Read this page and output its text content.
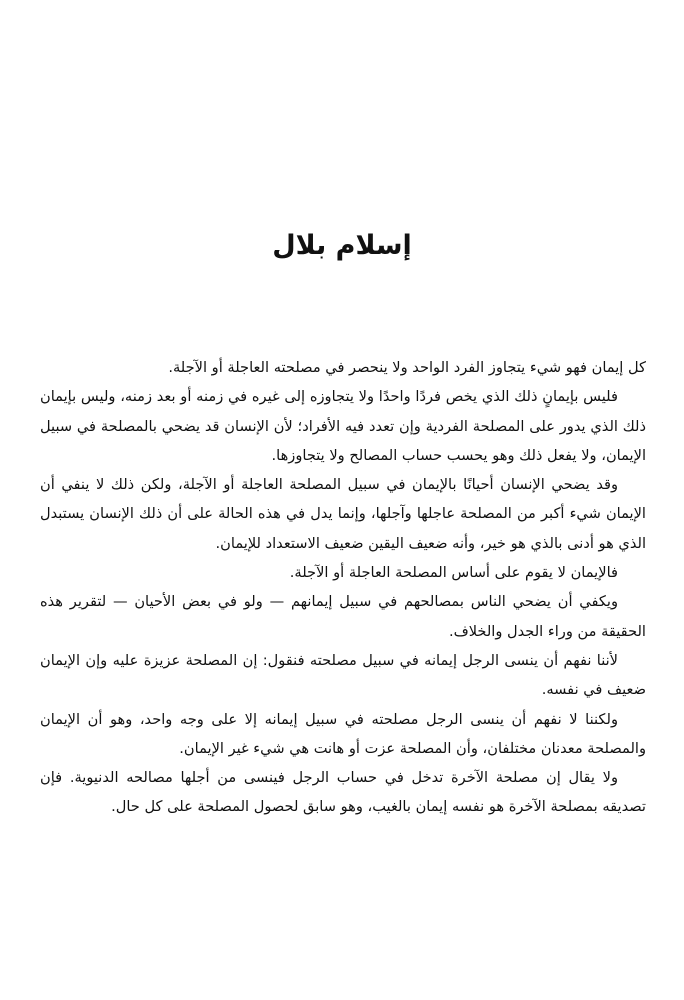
إسلام بلال

كل إيمان فهو شيء يتجاوز الفرد الواحد ولا ينحصر في مصلحته العاجلة أو الآجلة.

فليس بإيمانٍ ذلك الذي يخص فردًا واحدًا ولا يتجاوزه إلى غيره في زمنه أو بعد زمنه، وليس بإيمان ذلك الذي يدور على المصلحة الفردية وإن تعدد فيه الأفراد؛ لأن الإنسان قد يضحي بالمصلحة في سبيل الإيمان، ولا يفعل ذلك وهو يحسب حساب المصالح ولا يتجاوزها.

وقد يضحي الإنسان أحيانًا بالإيمان في سبيل المصلحة العاجلة أو الآجلة، ولكن ذلك لا ينفي أن الإيمان شيء أكبر من المصلحة عاجلها وآجلها، وإنما يدل في هذه الحالة على أن ذلك الإنسان يستبدل الذي هو أدنى بالذي هو خير، وأنه ضعيف اليقين ضعيف الاستعداد للإيمان.

فالإيمان لا يقوم على أساس المصلحة العاجلة أو الآجلة.

ويكفي أن يضحي الناس بمصالحهم في سبيل إيمانهم — ولو في بعض الأحيان — لتقرير هذه الحقيقة من وراء الجدل والخلاف.

لأننا نفهم أن ينسى الرجل إيمانه في سبيل مصلحته فنقول: إن المصلحة عزيزة عليه وإن الإيمان ضعيف في نفسه.

ولكننا لا نفهم أن ينسى الرجل مصلحته في سبيل إيمانه إلا على وجه واحد، وهو أن الإيمان والمصلحة معدنان مختلفان، وأن المصلحة عزت أو هانت هي شيء غير الإيمان.

ولا يقال إن مصلحة الآخرة تدخل في حساب الرجل فينسى من أجلها مصالحه الدنيوية. فإن تصديقه بمصلحة الآخرة هو نفسه إيمان بالغيب، وهو سابق لحصول المصلحة على كل حال.
